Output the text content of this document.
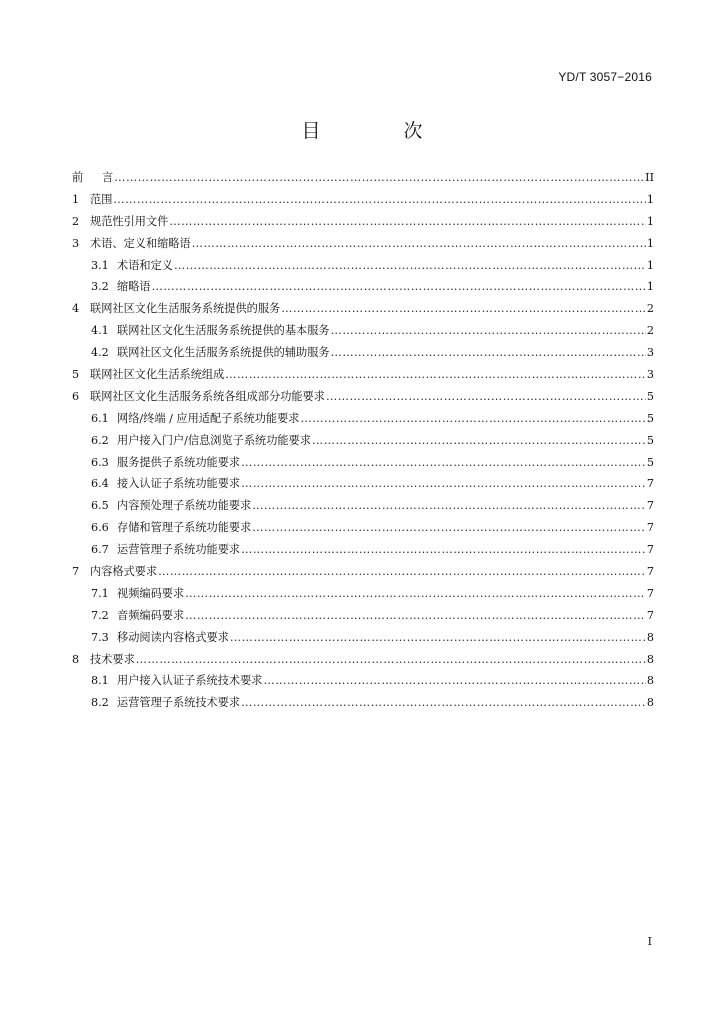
YD/T 3057−2016
目　次
前	言 ………………………………………………………………………………………………………………………………………………………………………………………………………………………………………………	II
1 范围 ………………………………………………………………………………………………………………………………………………………………………………………………………………………………………………	1
2 规范性引用文件 ………………………………………………………………………………………………………………………………………………………………………………………………………………………………………………	1
3 术语、定义和缩略语 ………………………………………………………………………………………………………………………………………………………………………………………………………………………………………………	1
3.1 术语和定义 ………………………………………………………………………………………………………………………………………………………………………………………………………………………………………………	1
3.2 缩略语 ………………………………………………………………………………………………………………………………………………………………………………………………………………………………………………	1
4 联网社区文化生活服务系统提供的服务 ………………………………………………………………………………………………………………………………………………………………………………………………………………………………………………	2
4.1 联网社区文化生活服务系统提供的基本服务 ………………………………………………………………………………………………………………………………………………………………………………………………………………………………………………	2
4.2 联网社区文化生活服务系统提供的辅助服务 ………………………………………………………………………………………………………………………………………………………………………………………………………………………………………………	3
5 联网社区文化生活系统组成 ………………………………………………………………………………………………………………………………………………………………………………………………………………………………………………	3
6 联网社区文化生活服务系统各组成部分功能要求 ………………………………………………………………………………………………………………………………………………………………………………………………………………………………………………	5
6.1 网络/终端 / 应用适配子系统功能要求 ………………………………………………………………………………………………………………………………………………………………………………………………………………………………………………	5
6.2 用户接入门户/信息浏览子系统功能要求 ………………………………………………………………………………………………………………………………………………………………………………………………………………………………………………	5
6.3 服务提供子系统功能要求 ………………………………………………………………………………………………………………………………………………………………………………………………………………………………………………	5
6.4 接入认证子系统功能要求 ………………………………………………………………………………………………………………………………………………………………………………………………………………………………………………	7
6.5 内容预处理子系统功能要求 ………………………………………………………………………………………………………………………………………………………………………………………………………………………………………………	7
6.6 存储和管理子系统功能要求 ………………………………………………………………………………………………………………………………………………………………………………………………………………………………………………	7
6.7 运营管理子系统功能要求 ………………………………………………………………………………………………………………………………………………………………………………………………………………………………………………	7
7 内容格式要求 ………………………………………………………………………………………………………………………………………………………………………………………………………………………………………………	7
7.1 视频编码要求 ………………………………………………………………………………………………………………………………………………………………………………………………………………………………………………	7
7.2 音频编码要求 ………………………………………………………………………………………………………………………………………………………………………………………………………………………………………………	7
7.3 移动阅读内容格式要求 ………………………………………………………………………………………………………………………………………………………………………………………………………………………………………………	8
8 技术要求 ………………………………………………………………………………………………………………………………………………………………………………………………………………………………………………	8
8.1 用户接入认证子系统技术要求 ………………………………………………………………………………………………………………………………………………………………………………………………………………………………………………	8
8.2 运营管理子系统技术要求 ………………………………………………………………………………………………………………………………………………………………………………………………………………………………………………	8
I
